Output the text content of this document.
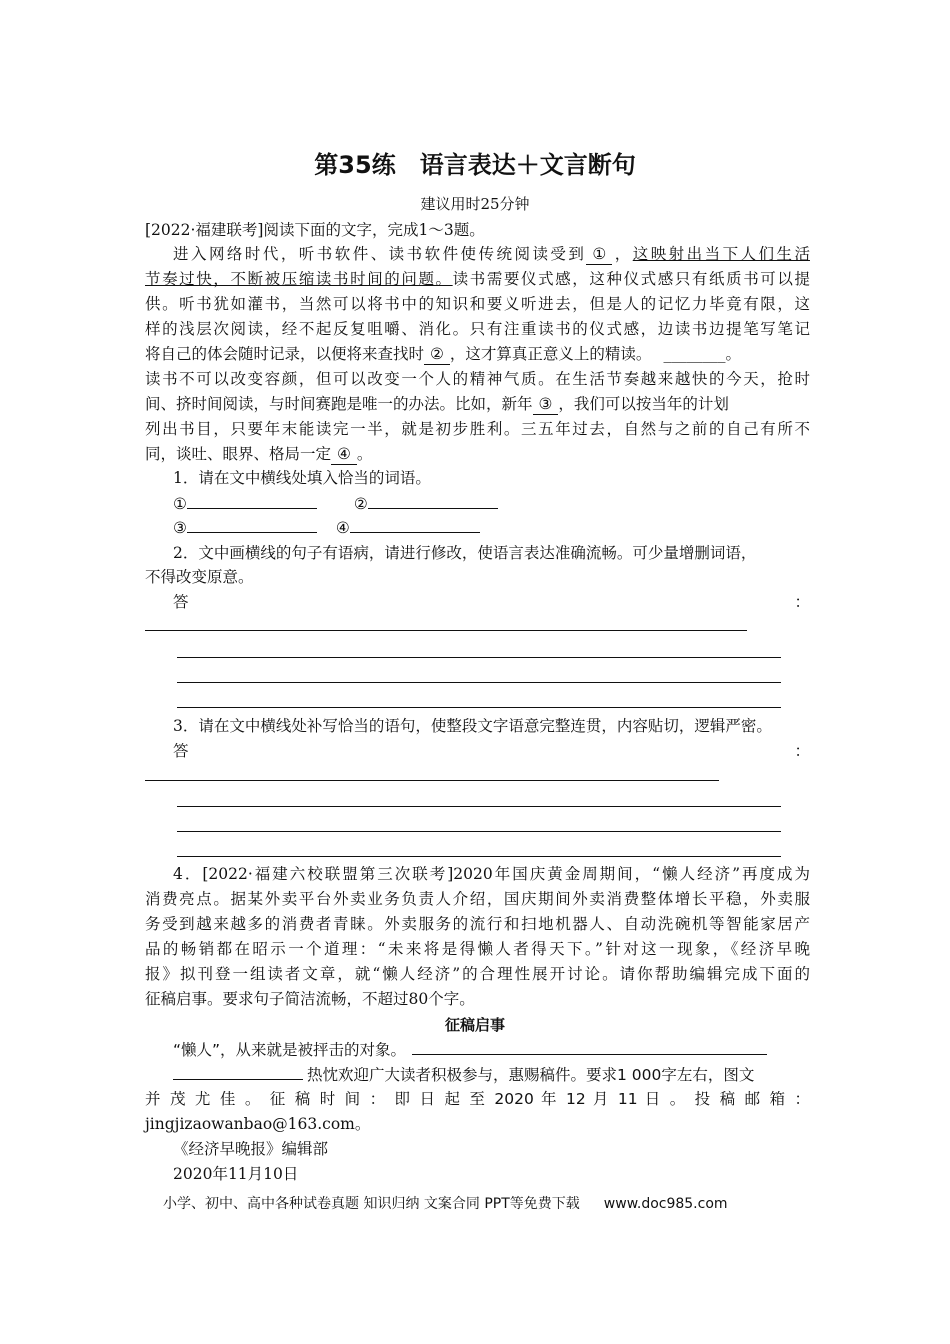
第35练　语言表达＋文言断句
建议用时25分钟
[2022·福建联考]阅读下面的文字，完成1～3题。
进入网络时代，听书软件、读书软件使传统阅读受到 ① ，这映射出当下人们生活
节奏过快，不断被压缩读书时间的问题。读书需要仪式感，这种仪式感只有纸质书可以提
供。听书犹如灌书，当然可以将书中的知识和要义听进去，但是人的记忆力毕竟有限，这
样的浅层次阅读，经不起反复咀嚼、消化。只有注重读书的仪式感，边读书边提笔写笔记
将自己的体会随时记录，以便将来查找时 ② ，这才算真正意义上的精读。 ________。
读书不可以改变容颜，但可以改变一个人的精神气质。在生活节奏越来越快的今天，抢时
间、挤时间阅读，与时间赛跑是唯一的办法。比如，新年 ③ ，我们可以按当年的计划
列出书目，只要年末能读完一半，就是初步胜利。三五年过去，自然与之前的自己有所不
同，谈吐、眼界、格局一定 ④ 。
1．请在文中横线处填入恰当的词语。
①	②
③	④
2．文中画横线的句子有语病，请进行修改，使语言表达准确流畅。可少量增删词语，
不得改变原意。
答	：
3．请在文中横线处补写恰当的语句，使整段文字语意完整连贯，内容贴切，逻辑严密。
答	：
4．[2022·福建六校联盟第三次联考]2020年国庆黄金周期间，“懒人经济”再度成为
消费亮点。据某外卖平台外卖业务负责人介绍，国庆期间外卖消费整体增长平稳，外卖服
务受到越来越多的消费者青睐。外卖服务的流行和扫地机器人、自动洗碗机等智能家居产
品的畅销都在昭示一个道理：“未来将是得懒人者得天下。”针对这一现象，《经济早晚
报》拟刊登一组读者文章，就“懒人经济”的合理性展开讨论。请你帮助编辑完成下面的
征稿启事。要求句子简洁流畅，不超过80个字。
征稿启事
“懒人”，从来就是被抨击的对象。
热忱欢迎广大读者积极参与，惠赐稿件。要求1 000字左右，图文
并 茂 尤 佳 。 征 稿 时 间 ： 即 日 起 至 2020 年 12 月 11 日 。 投 稿 邮 箱 ：
jingjizaowanbao@163.com。
《经济早晚报》编辑部
2020年11月10日
小学、初中、高中各种试卷真题 知识归纳 文案合同 PPT等免费下载 www.doc985.com
